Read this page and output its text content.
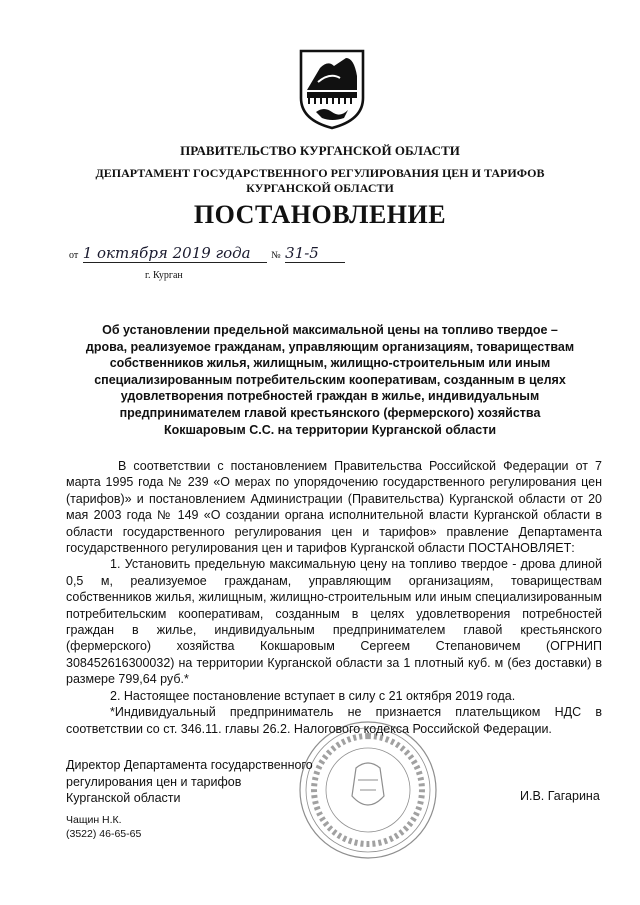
ПРАВИТЕЛЬСТВО КУРГАНСКОЙ ОБЛАСТИ
ДЕПАРТАМЕНТ ГОСУДАРСТВЕННОГО РЕГУЛИРОВАНИЯ ЦЕН И ТАРИФОВ
КУРГАНСКОЙ ОБЛАСТИ
ПОСТАНОВЛЕНИЕ
от 1 октября 2019 года № 31-5
г. Курган
Об установлении предельной максимальной цены на топливо твердое –
дрова, реализуемое гражданам, управляющим организациям, товариществам
собственников жилья, жилищным, жилищно-строительным или иным
специализированным потребительским кооперативам, созданным в целях
удовлетворения потребностей граждан в жилье, индивидуальным
предпринимателем главой крестьянского (фермерского) хозяйства
Кокшаровым С.С. на территории Курганской области

В соответствии с постановлением Правительства Российской Федерации от 7 марта 1995 года № 239 «О мерах по упорядочению государственного регулирования цен (тарифов)» и постановлением Администрации (Правительства) Курганской области от 20 мая 2003 года № 149 «О создании органа исполнительной власти Курганской области в области государственного регулирования цен и тарифов» правление Департамента государственного регулирования цен и тарифов Курганской области ПОСТАНОВЛЯЕТ:

1. Установить предельную максимальную цену на топливо твердое - дрова длиной 0,5 м, реализуемое гражданам, управляющим организациям, товариществам собственников жилья, жилищным, жилищно-строительным или иным специализированным потребительским кооперативам, созданным в целях удовлетворения потребностей граждан в жилье, индивидуальным предпринимателем главой крестьянского (фермерского) хозяйства Кокшаровым Сергеем Степановичем (ОГРНИП 308452616300032) на территории Курганской области за 1 плотный куб. м (без доставки) в размере 799,64 руб.*

2. Настоящее постановление вступает в силу с 21 октября 2019 года.

*Индивидуальный предприниматель не признается плательщиком НДС в соответствии со ст. 346.11. главы 26.2. Налогового кодекса Российской Федерации.

Директор Департамента государственного
регулирования цен и тарифов
Курганской области	И.В. Гагарина
Чащин Н.К.
(3522) 46-65-65
